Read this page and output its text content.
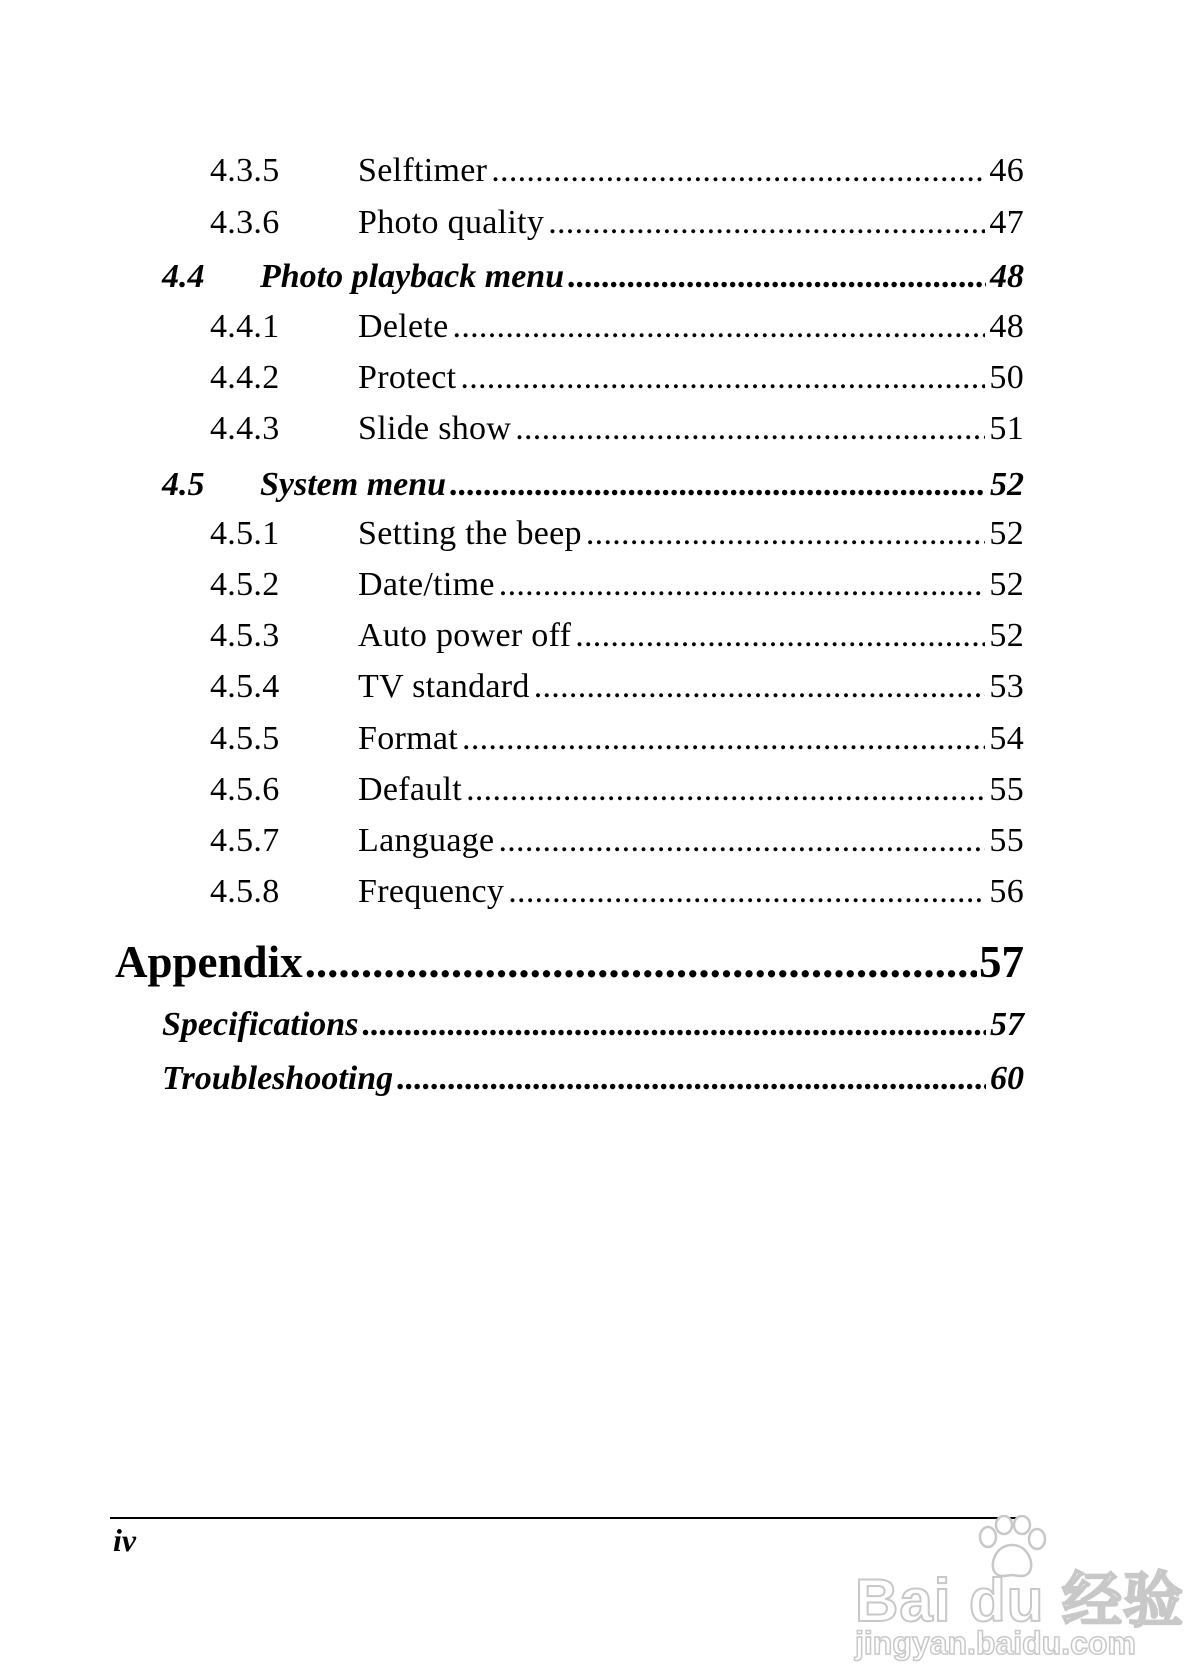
4.3.5	Selftimer .....	46
4.3.6	Photo quality .....	47
4.4	Photo playback menu .....	48
4.4.1	Delete .....	48
4.4.2	Protect .....	50
4.4.3	Slide show .....	51
4.5	System menu .....	52
4.5.1	Setting the beep .....	52
4.5.2	Date/time .....	52
4.5.3	Auto power off .....	52
4.5.4	TV standard .....	53
4.5.5	Format .....	54
4.5.6	Default .....	55
4.5.7	Language .....	55
4.5.8	Frequency .....	56
Appendix .....	57
Specifications .....	57
Troubleshooting .....	60
iv
Bai du 经验
jingyan.baidu.com
